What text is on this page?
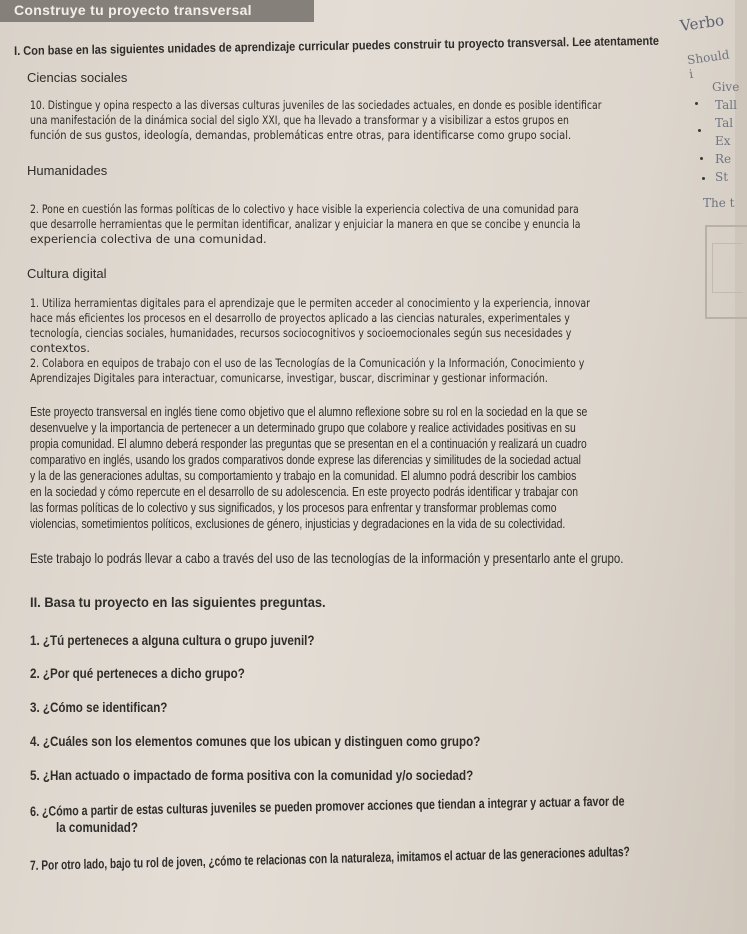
Construye tu proyecto transversal
Verbo
Should i
Give
Tall
Tal
Ex
Re
St
The t
I. Con base en las siguientes unidades de aprendizaje curricular puedes construir tu proyecto transversal. Lee atentamente
Ciencias sociales
10. Distingue y opina respecto a las diversas culturas juveniles de las sociedades actuales, en donde es posible identificar
una manifestación de la dinámica social del siglo XXI, que ha llevado a transformar y a visibilizar a estos grupos en
función de sus gustos, ideología, demandas, problemáticas entre otras, para identificarse como grupo social.
Humanidades
2. Pone en cuestión las formas políticas de lo colectivo y hace visible la experiencia colectiva de una comunidad para
que desarrolle herramientas que le permitan identificar, analizar y enjuiciar la manera en que se concibe y enuncia la
experiencia colectiva de una comunidad.
Cultura digital
1. Utiliza herramientas digitales para el aprendizaje que le permiten acceder al conocimiento y la experiencia, innovar
hace más eficientes los procesos en el desarrollo de proyectos aplicado a las ciencias naturales, experimentales y
tecnología, ciencias sociales, humanidades, recursos sociocognitivos y socioemocionales según sus necesidades y
contextos.
2. Colabora en equipos de trabajo con el uso de las Tecnologías de la Comunicación y la Información, Conocimiento y
Aprendizajes Digitales para interactuar, comunicarse, investigar, buscar, discriminar y gestionar información.
Este proyecto transversal en inglés tiene como objetivo que el alumno reflexione sobre su rol en la sociedad en la que se
desenvuelve y la importancia de pertenecer a un determinado grupo que colabore y realice actividades positivas en su
propia comunidad. El alumno deberá responder las preguntas que se presentan en el a continuación y realizará un cuadro
comparativo en inglés, usando los grados comparativos donde exprese las diferencias y similitudes de la sociedad actual
y la de las generaciones adultas, su comportamiento y trabajo en la comunidad. El alumno podrá describir los cambios
en la sociedad y cómo repercute en el desarrollo de su adolescencia. En este proyecto podrás identificar y trabajar con
las formas políticas de lo colectivo y sus significados, y los procesos para enfrentar y transformar problemas como
violencias, sometimientos políticos, exclusiones de género, injusticias y degradaciones en la vida de su colectividad.
Este trabajo lo podrás llevar a cabo a través del uso de las tecnologías de la información y presentarlo ante el grupo.
II. Basa tu proyecto en las siguientes preguntas.
1. ¿Tú perteneces a alguna cultura o grupo juvenil?
2. ¿Por qué perteneces a dicho grupo?
3. ¿Cómo se identifican?
4. ¿Cuáles son los elementos comunes que los ubican y distinguen como grupo?
5. ¿Han actuado o impactado de forma positiva con la comunidad y/o sociedad?
6. ¿Cómo a partir de estas culturas juveniles se pueden promover acciones que tiendan a integrar y actuar a favor de
la comunidad?
7. Por otro lado, bajo tu rol de joven, ¿cómo te relacionas con la naturaleza, imitamos el actuar de las generaciones adultas?
